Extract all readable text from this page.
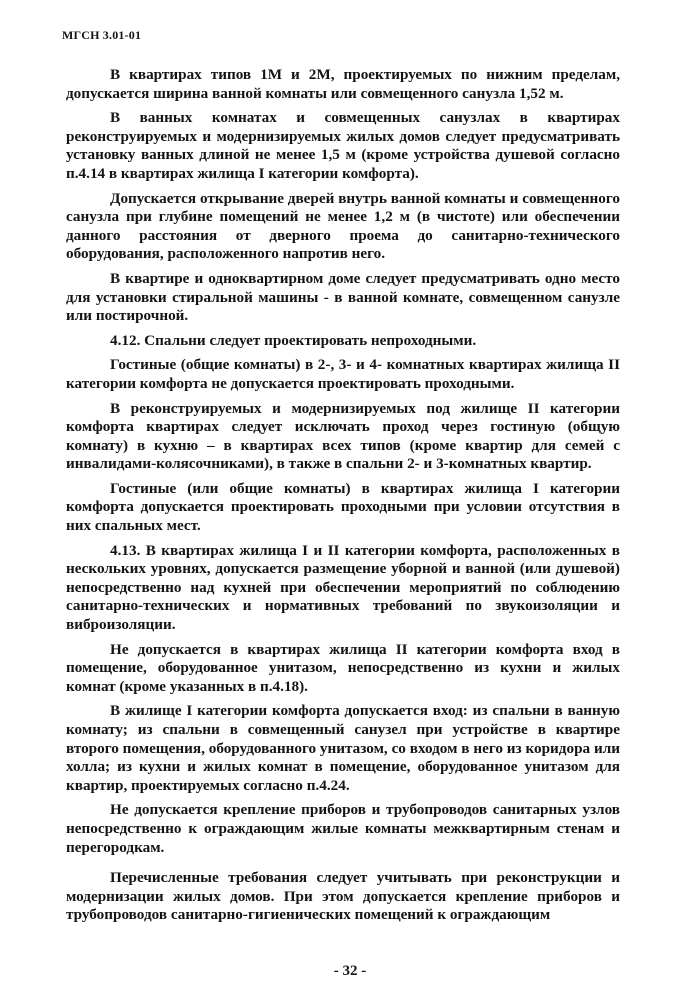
МГСН 3.01-01

В квартирах типов 1М и 2М, проектируемых по нижним пределам, допускается ширина ванной комнаты или совмещенного санузла 1,52 м.

В ванных комнатах и совмещенных санузлах в квартирах реконструируемых и модернизируемых жилых домов следует предусматривать установку ванных длиной не менее 1,5 м (кроме устройства душевой согласно п.4.14 в квартирах жилища I категории комфорта).

Допускается открывание дверей внутрь ванной комнаты и совмещенного санузла при глубине помещений не менее 1,2 м (в чистоте) или обеспечении данного расстояния от дверного проема до санитарно-технического оборудования, расположенного напротив него.

В квартире и одноквартирном доме следует предусматривать одно место для установки стиральной машины - в ванной комнате, совмещенном санузле или постирочной.

4.12. Спальни следует проектировать непроходными.

Гостиные (общие комнаты) в 2-, 3- и 4- комнатных квартирах жилища II категории комфорта не допускается проектировать проходными.

В реконструируемых и модернизируемых под жилище II категории комфорта квартирах следует исключать проход через гостиную (общую комнату) в кухню – в квартирах всех типов (кроме квартир для семей с инвалидами-колясочниками), в также в спальни 2- и 3-комнатных квартир.

Гостиные (или общие комнаты) в квартирах жилища I категории комфорта допускается проектировать проходными при условии отсутствия в них спальных мест.

4.13. В квартирах жилища I и II категории комфорта, расположенных в нескольких уровнях, допускается размещение уборной и ванной (или душевой) непосредственно над кухней при обеспечении мероприятий по соблюдению санитарно-технических и нормативных требований по звукоизоляции и виброизоляции.

Не допускается в квартирах жилища II категории комфорта вход в помещение, оборудованное унитазом, непосредственно из кухни и жилых комнат (кроме указанных в п.4.18).

В жилище I категории комфорта допускается вход: из спальни в ванную комнату; из спальни в совмещенный санузел при устройстве в квартире второго помещения, оборудованного унитазом, со входом в него из коридора или холла; из кухни и жилых комнат в помещение, оборудованное унитазом для квартир, проектируемых согласно п.4.24.

Не допускается крепление приборов и трубопроводов санитарных узлов непосредственно к ограждающим жилые комнаты межквартирным стенам и перегородкам.

Перечисленные требования следует учитывать при реконструкции и модернизации жилых домов. При этом допускается крепление приборов и трубопроводов санитарно-гигиенических помещений к ограждающим

- 32 -
